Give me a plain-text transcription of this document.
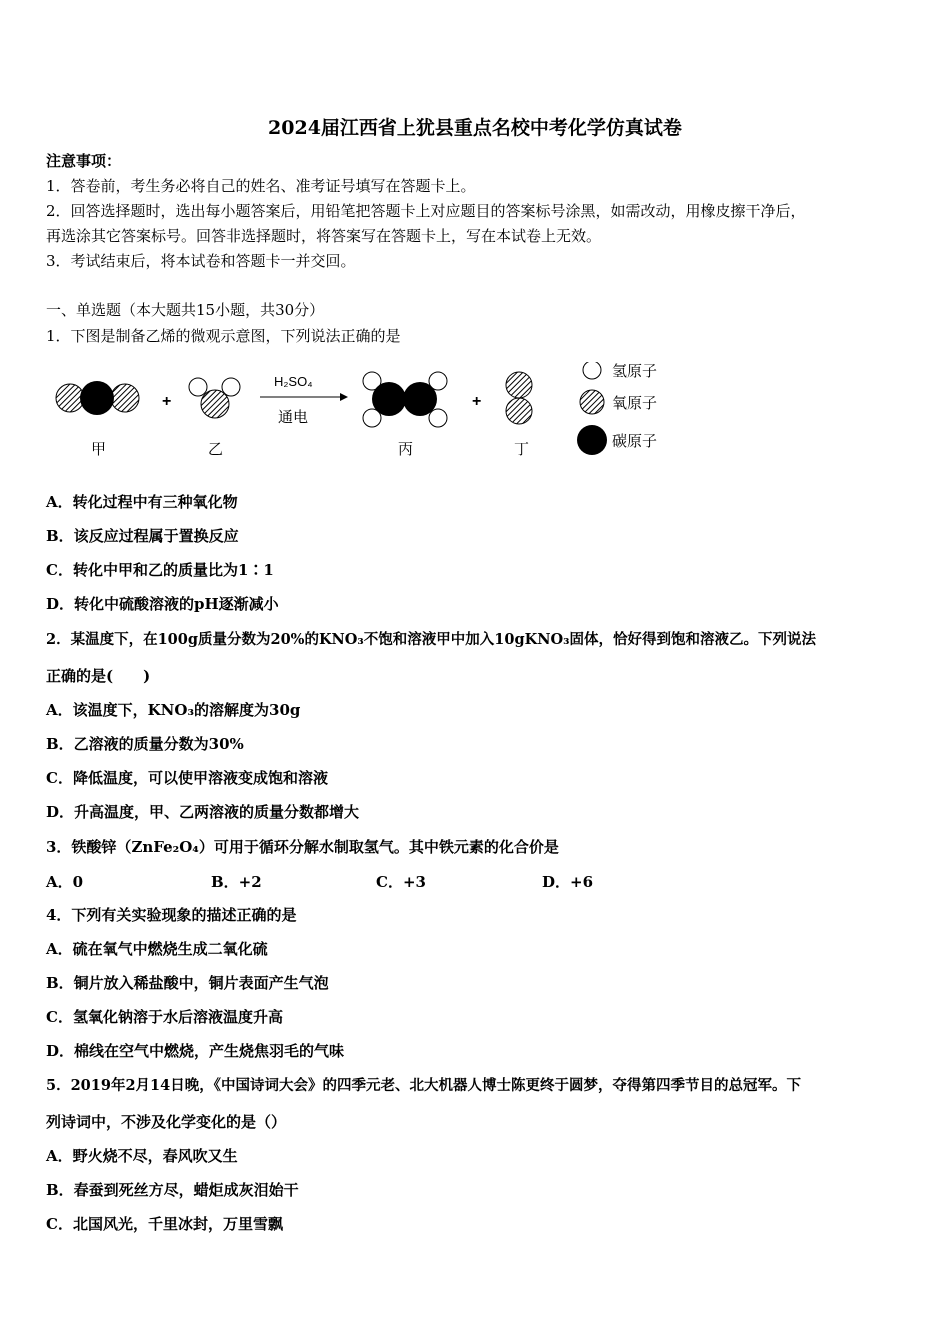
2024届江西省上犹县重点名校中考化学仿真试卷
注意事项：
1．答卷前，考生务必将自己的姓名、准考证号填写在答题卡上。
2．回答选择题时，选出每小题答案后，用铅笔把答题卡上对应题目的答案标号涂黑，如需改动，用橡皮擦干净后，
再选涂其它答案标号。回答非选择题时，将答案写在答题卡上，写在本试卷上无效。
3．考试结束后，将本试卷和答题卡一并交回。
一、单选题（本大题共15小题，共30分）
1．下图是制备乙烯的微观示意图，下列说法正确的是
+
H₂SO₄
通电
+
甲	乙	丙	丁
氢原子
氧原子
碳原子
A．转化过程中有三种氧化物
B．该反应过程属于置换反应
C．转化中甲和乙的质量比为1∶1
D．转化中硫酸溶液的pH逐渐减小
2．某温度下，在100g质量分数为20%的KNO₃不饱和溶液甲中加入10gKNO₃固体，恰好得到饱和溶液乙。下列说法
正确的是(　　)
A．该温度下，KNO₃的溶解度为30g
B．乙溶液的质量分数为30%
C．降低温度，可以使甲溶液变成饱和溶液
D．升高温度，甲、乙两溶液的质量分数都增大
3．铁酸锌（ZnFe₂O₄）可用于循环分解水制取氢气。其中铁元素的化合价是
A．0	B．+2	C．+3	D．+6
4．下列有关实验现象的描述正确的是
A．硫在氧气中燃烧生成二氧化硫
B．铜片放入稀盐酸中，铜片表面产生气泡
C．氢氧化钠溶于水后溶液温度升高
D．棉线在空气中燃烧，产生烧焦羽毛的气味
5．2019年2月14日晚，《中国诗词大会》的四季元老、北大机器人博士陈更终于圆梦，夺得第四季节目的总冠军。下
列诗词中，不涉及化学变化的是（）
A．野火烧不尽，春风吹又生
B．春蚕到死丝方尽，蜡炬成灰泪始干
C．北国风光，千里冰封，万里雪飘
